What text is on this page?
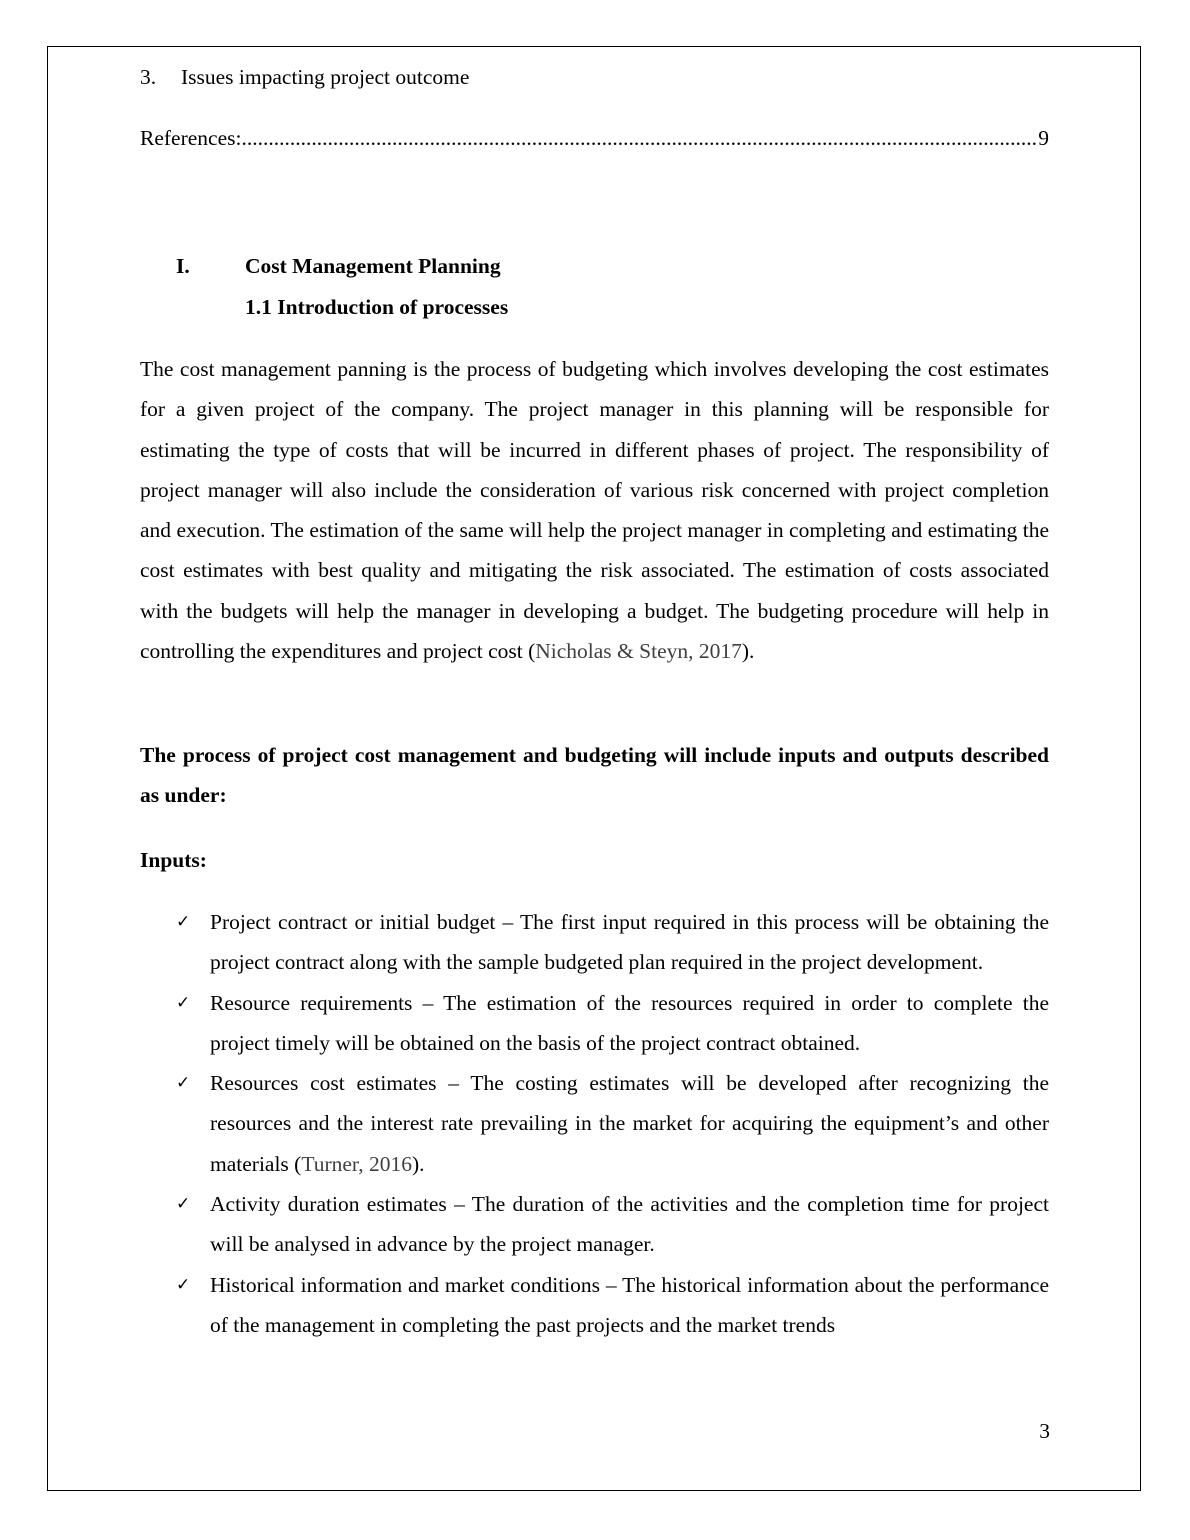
3. Issues impacting project outcome
References:
.....	9
I.	Cost Management Planning
1.1 Introduction of processes

The cost management panning is the process of budgeting which involves developing the cost estimates for a given project of the company. The project manager in this planning will be responsible for estimating the type of costs that will be incurred in different phases of project. The responsibility of project manager will also include the consideration of various risk concerned with project completion and execution. The estimation of the same will help the project manager in completing and estimating the cost estimates with best quality and mitigating the risk associated. The estimation of costs associated with the budgets will help the manager in developing a budget. The budgeting procedure will help in controlling the expenditures and project cost (Nicholas & Steyn, 2017).

The process of project cost management and budgeting will include inputs and outputs described as under:

Inputs:

✓ Project contract or initial budget – The first input required in this process will be obtaining the project contract along with the sample budgeted plan required in the project development.
✓ Resource requirements – The estimation of the resources required in order to complete the project timely will be obtained on the basis of the project contract obtained.
✓ Resources cost estimates – The costing estimates will be developed after recognizing the resources and the interest rate prevailing in the market for acquiring the equipment’s and other materials (Turner, 2016).
✓ Activity duration estimates – The duration of the activities and the completion time for project will be analysed in advance by the project manager.
✓ Historical information and market conditions – The historical information about the performance of the management in completing the past projects and the market trends
3
